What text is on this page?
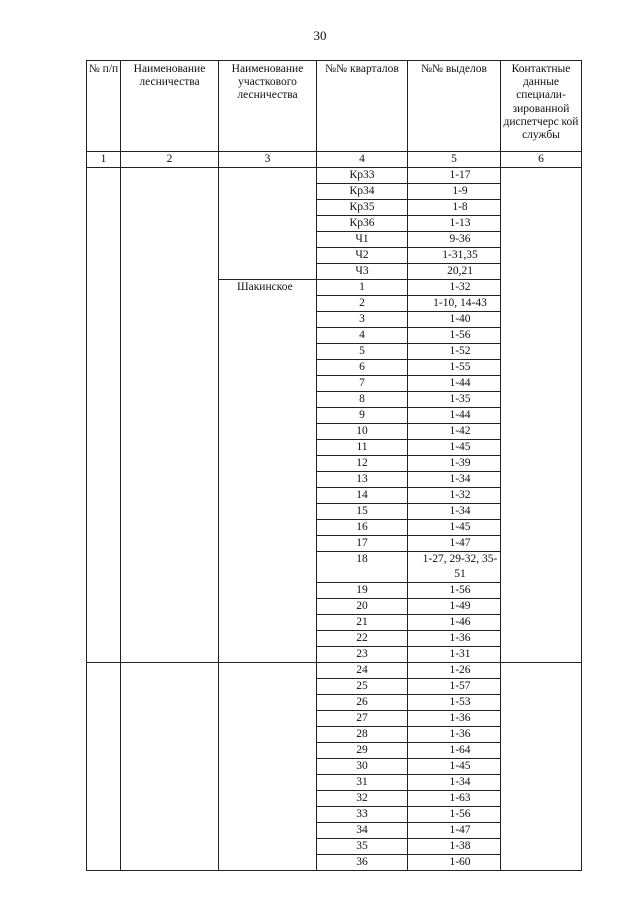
30
№ п/п	Наименование лесничества	Наименование участкового лесничества	№№ кварталов	№№ выделов	Контактные данные специали-зированной диспетчерс кой службы
1	2	3	4	5	6
			Кр33	1-17	
			Кр34	1-9	
			Кр35	1-8	
			Кр36	1-13	
			Ч1	9-36	
			Ч2	1-31,35	
			Ч3	20,21	
		Шакинское	1	1-32	
			2	1-10, 14-43	
			3	1-40	
			4	1-56	
			5	1-52	
			6	1-55	
			7	1-44	
			8	1-35	
			9	1-44	
			10	1-42	
			11	1-45	
			12	1-39	
			13	1-34	
			14	1-32	
			15	1-34	
			16	1-45	
			17	1-47	
			18	1-27, 29-32, 35-51	
			19	1-56	
			20	1-49	
			21	1-46	
			22	1-36	
			23	1-31	
			24	1-26	
			25	1-57	
			26	1-53	
			27	1-36	
			28	1-36	
			29	1-64	
			30	1-45	
			31	1-34	
			32	1-63	
			33	1-56	
			34	1-47	
			35	1-38	
			36	1-60	
